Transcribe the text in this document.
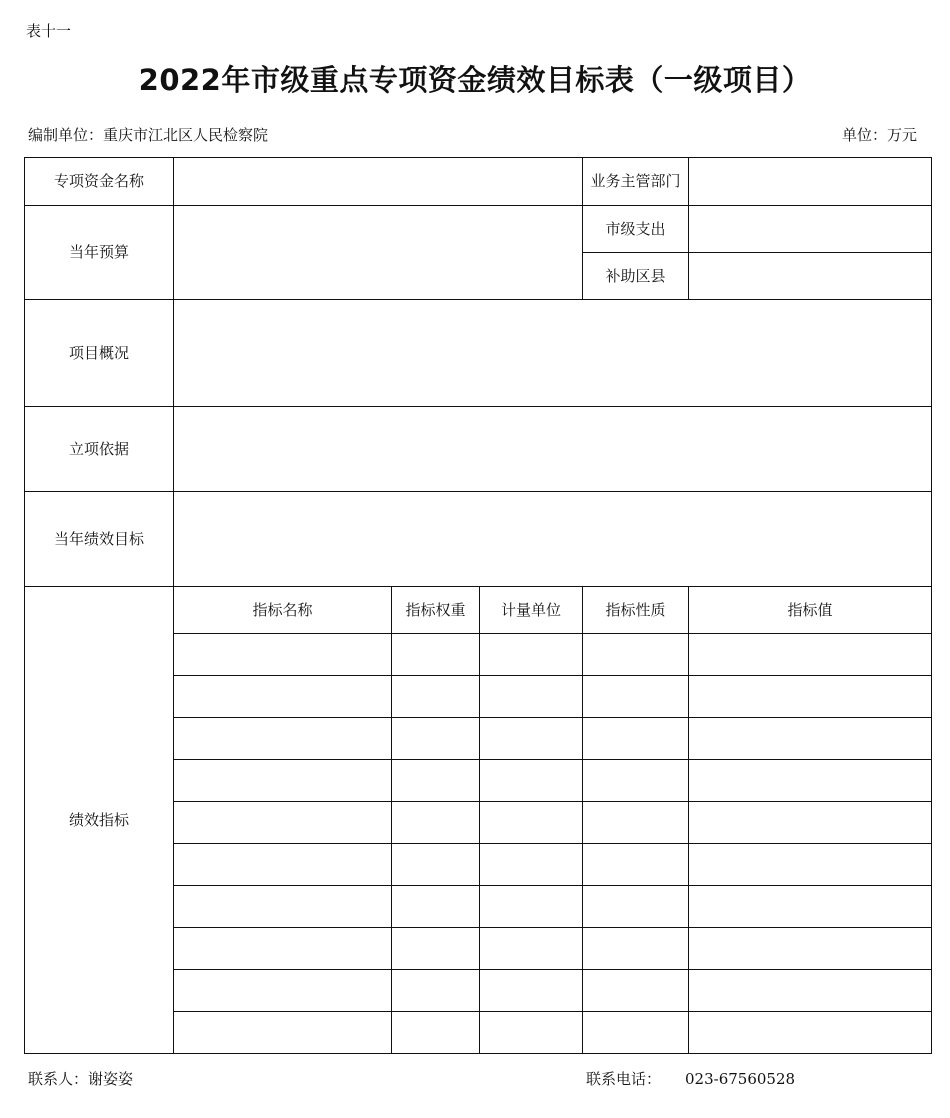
表十一
2022年市级重点专项资金绩效目标表（一级项目）
编制单位：重庆市江北区人民检察院	单位：万元
专项资金名称				业务主管部门	
当年预算				市级支出	
				补助区县	
项目概况					
立项依据					
当年绩效目标					
绩效指标	指标名称	指标权重	计量单位	指标性质	指标值

联系人：谢姿姿	联系电话： 023-67560528
